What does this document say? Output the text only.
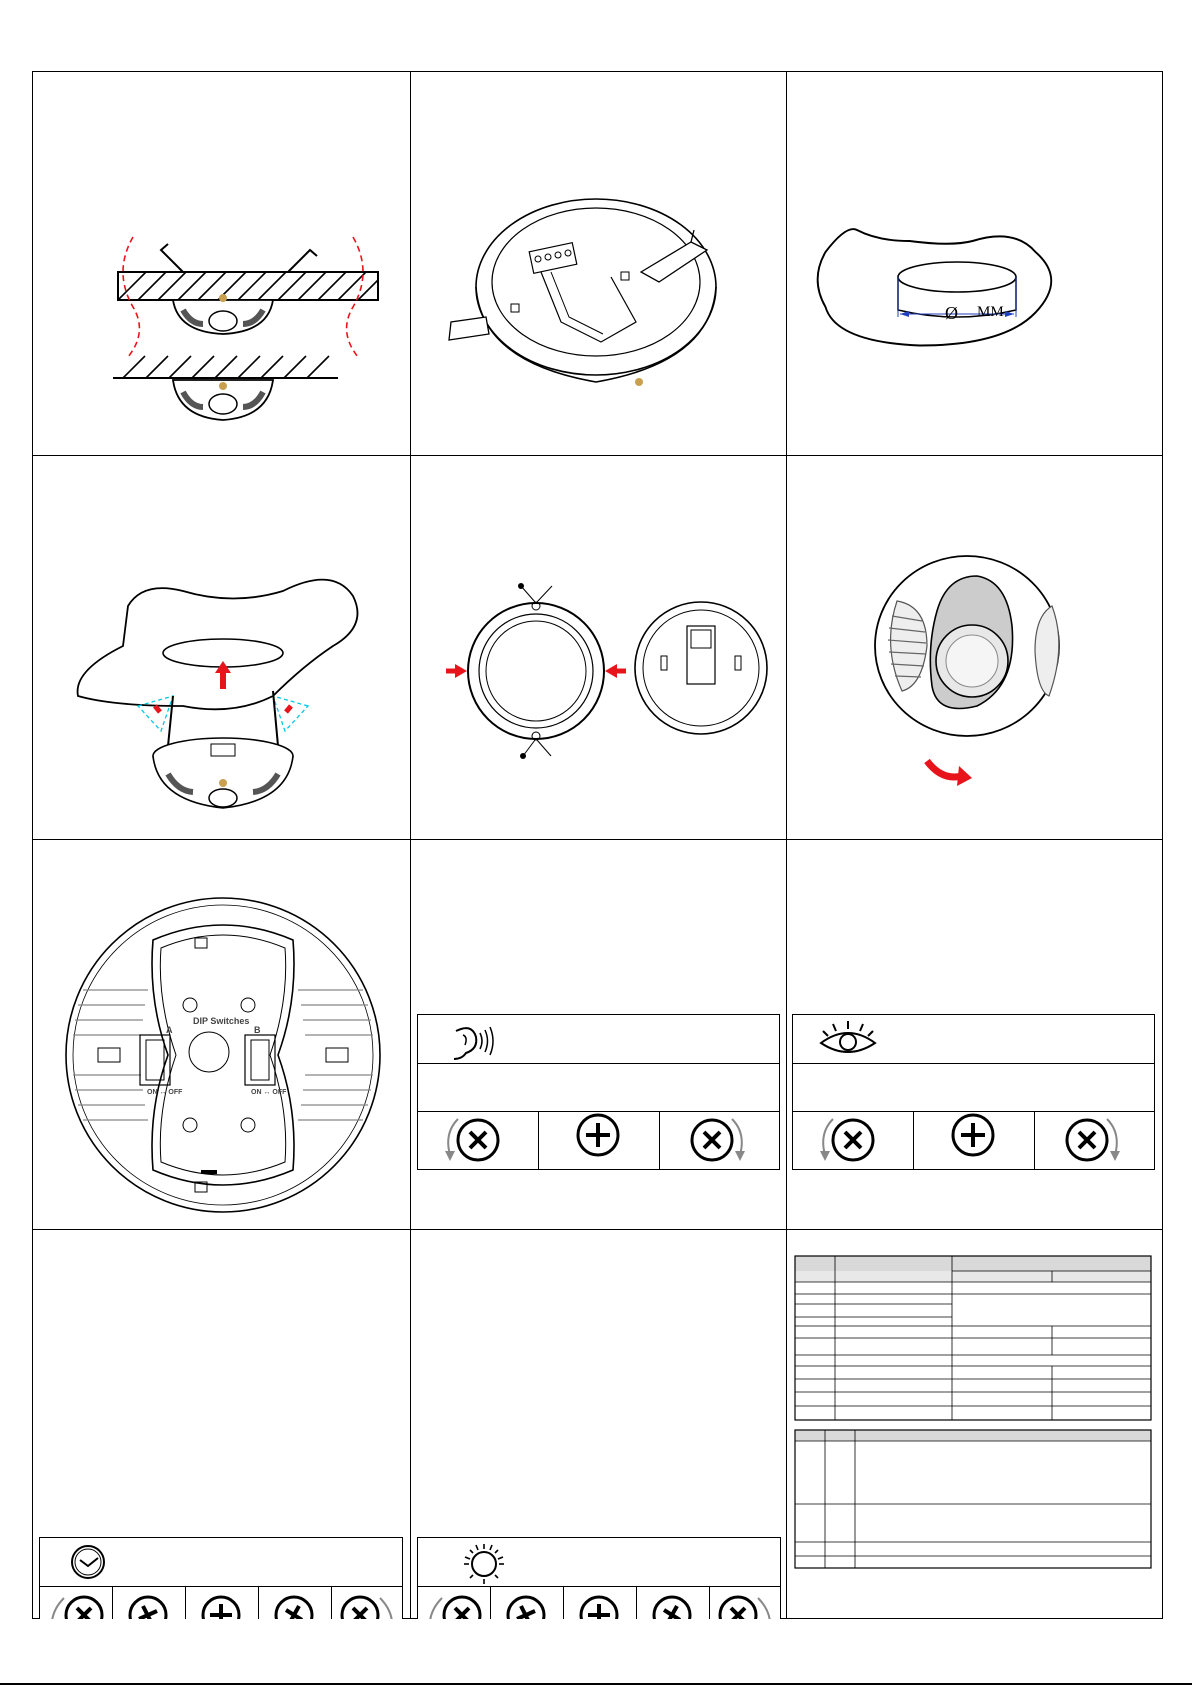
Ø MM
DIP Switches
A	B
ON ↔ OFF	ON ↔ OFF
